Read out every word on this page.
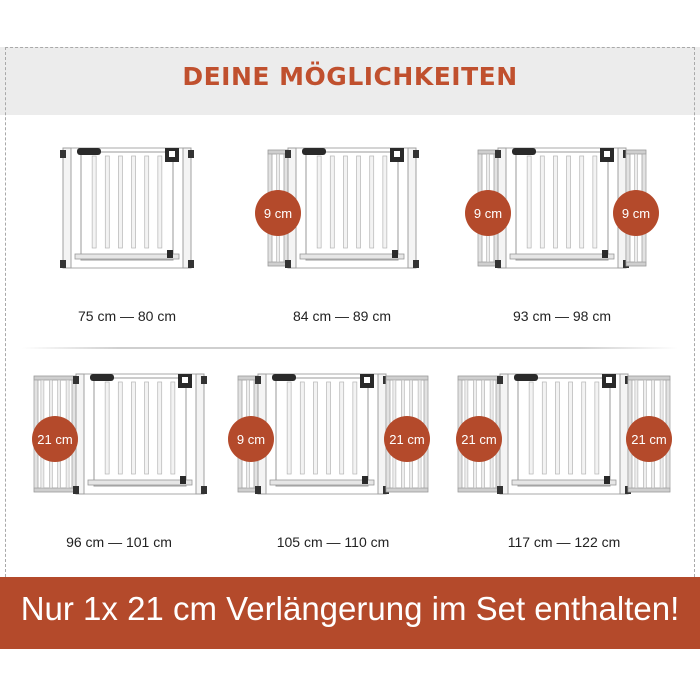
DEINE MÖGLICHKEITEN
75 cm — 80 cm
9 cm
84 cm — 89 cm
9 cm	9 cm
93 cm — 98 cm
21 cm
96 cm — 101 cm
9 cm	21 cm
105 cm — 110 cm
21 cm	21 cm
117 cm — 122 cm
Nur 1x 21 cm Verlängerung im Set enthalten!
